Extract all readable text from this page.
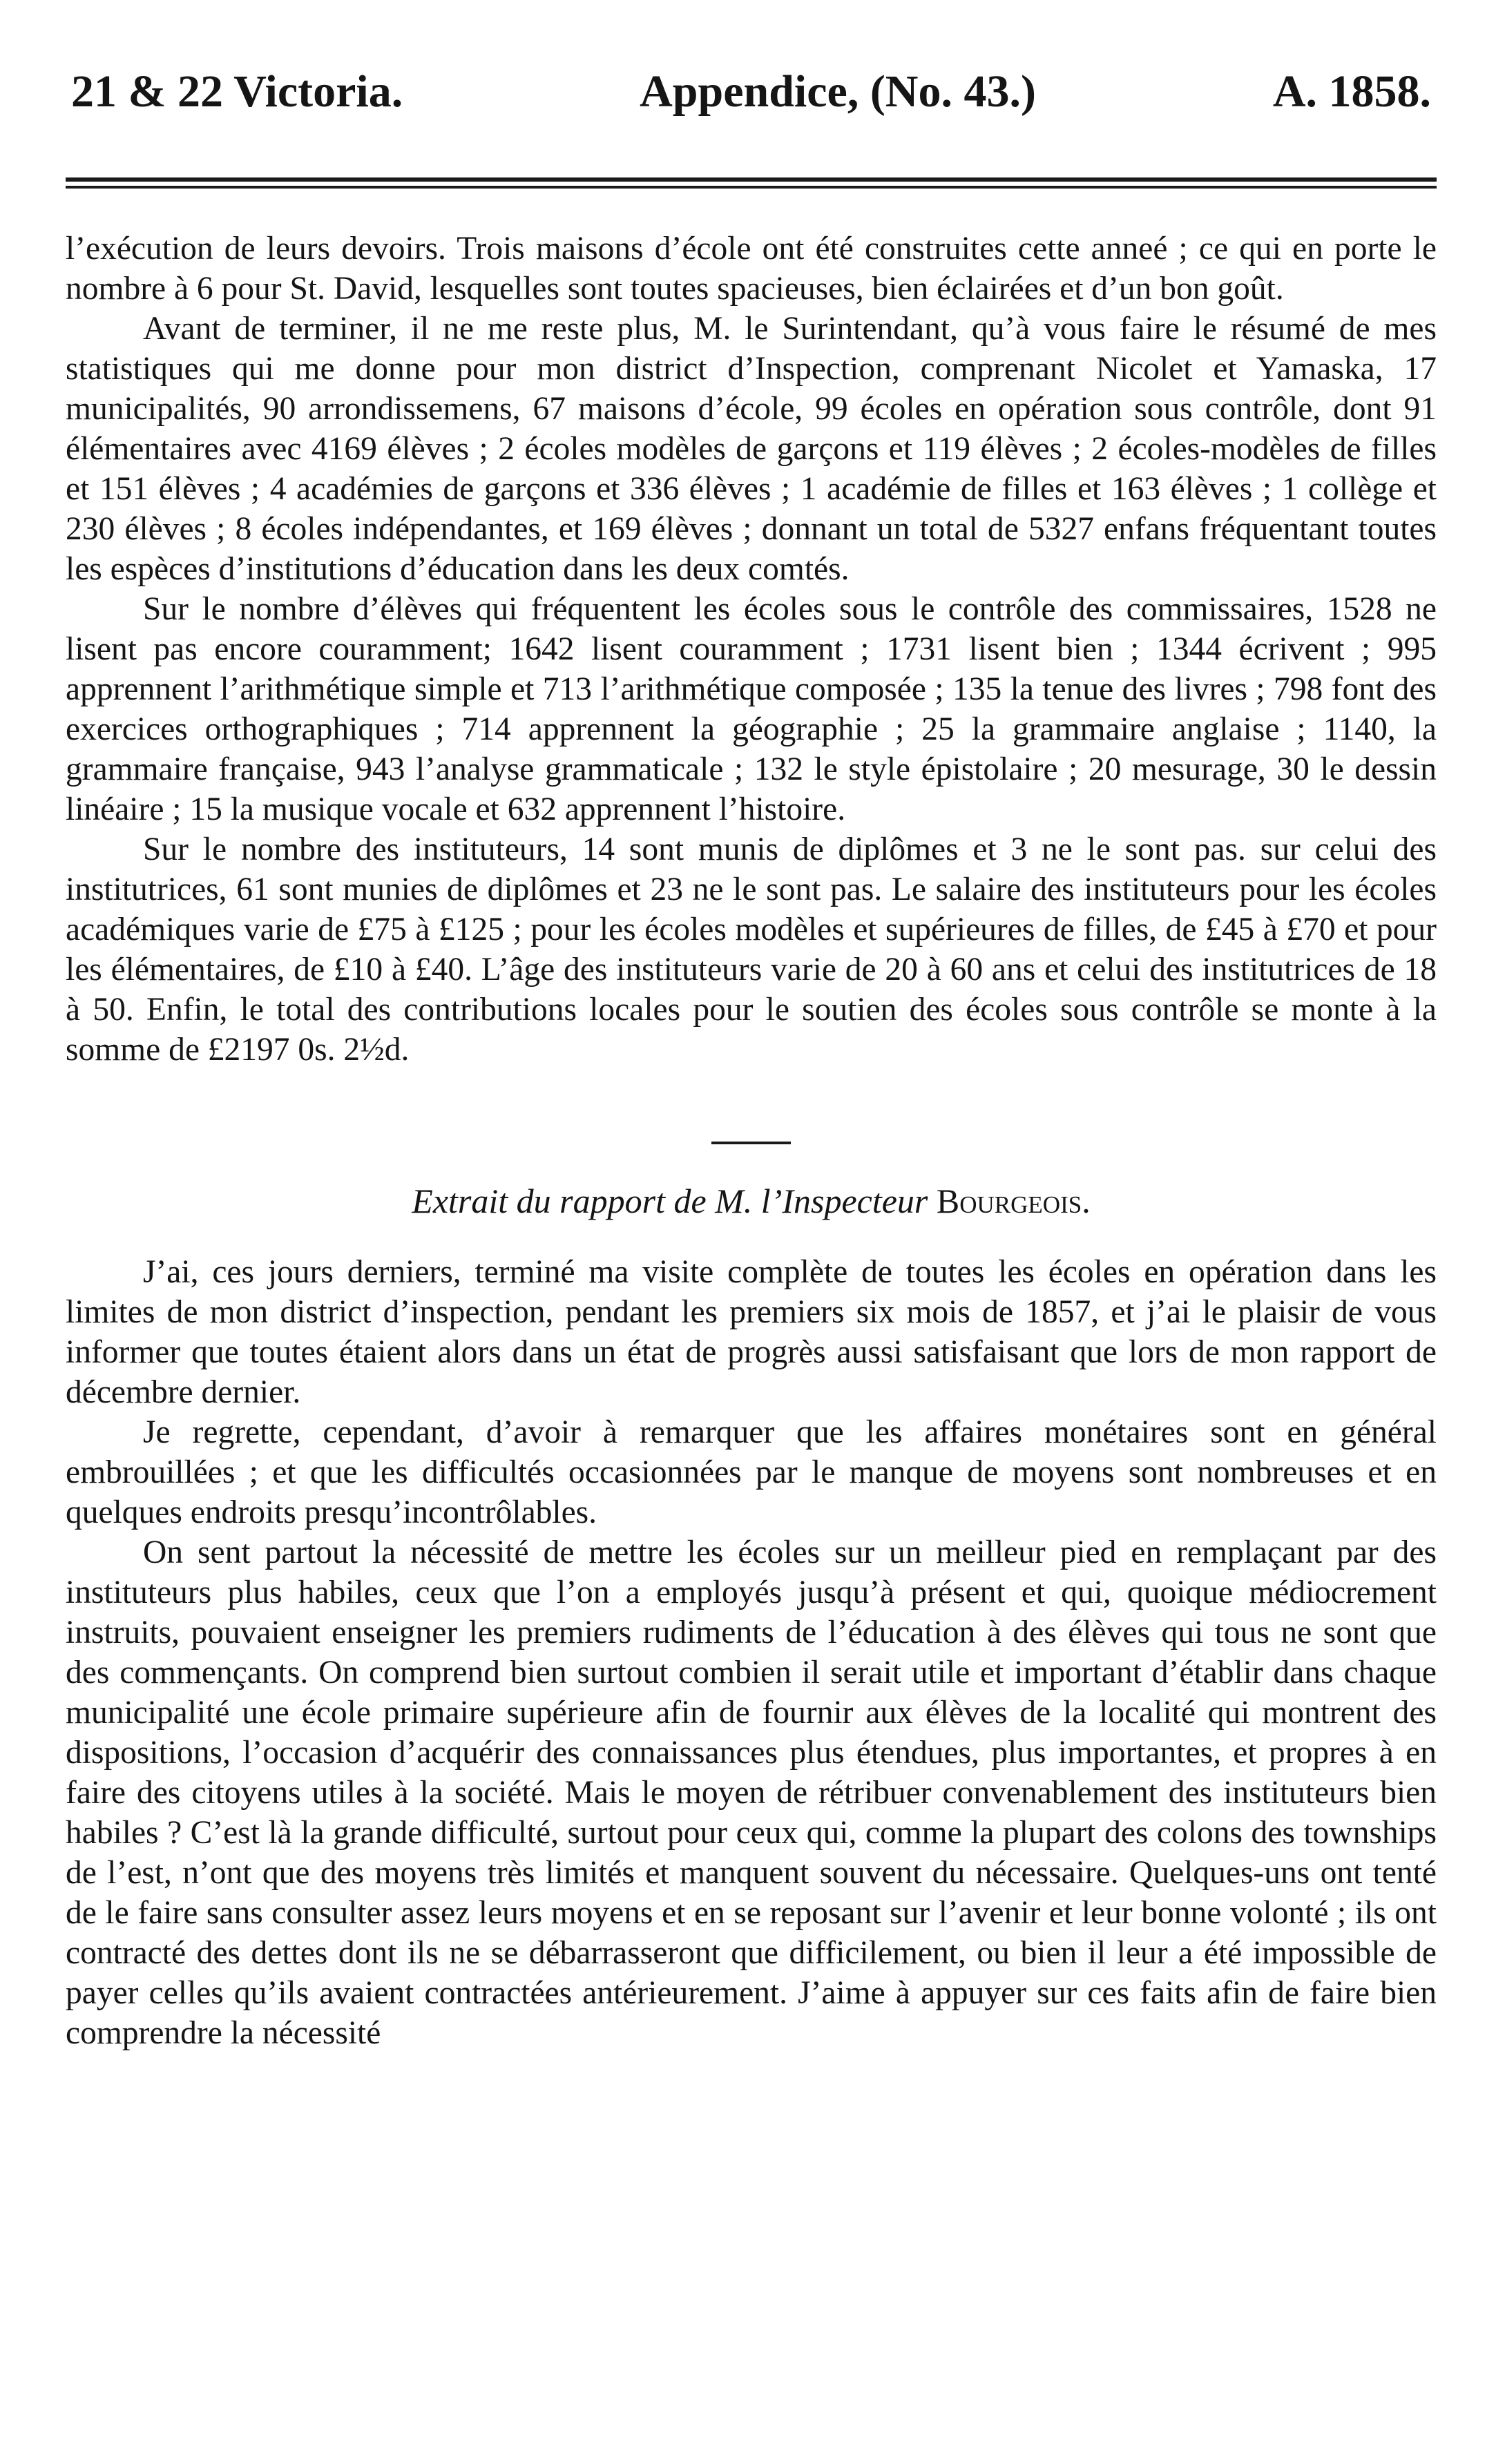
21 & 22 Victoria.	Appendice, (No. 43.)	A. 1858.

l’exécution de leurs devoirs. Trois maisons d’école ont été construites cette anneé ; ce qui en porte le nombre à 6 pour St. David, lesquelles sont toutes spacieuses, bien éclairées et d’un bon goût.

Avant de terminer, il ne me reste plus, M. le Surintendant, qu’à vous faire le résumé de mes statistiques qui me donne pour mon district d’Inspection, comprenant Nicolet et Yamaska, 17 municipalités, 90 arrondissemens, 67 maisons d’école, 99 écoles en opération sous contrôle, dont 91 élémentaires avec 4169 élèves ; 2 écoles modèles de garçons et 119 élèves ; 2 écoles-modèles de filles et 151 élèves ; 4 académies de garçons et 336 élèves ; 1 académie de filles et 163 élèves ; 1 collège et 230 élèves ; 8 écoles indépendantes, et 169 élèves ; donnant un total de 5327 enfans fréquentant toutes les espèces d’institutions d’éducation dans les deux comtés.

Sur le nombre d’élèves qui fréquentent les écoles sous le contrôle des commissaires, 1528 ne lisent pas encore couramment; 1642 lisent couramment ; 1731 lisent bien ; 1344 écrivent ; 995 apprennent l’arithmétique simple et 713 l’arithmétique composée ; 135 la tenue des livres ; 798 font des exercices orthographiques ; 714 apprennent la géographie ; 25 la grammaire anglaise ; 1140, la grammaire française, 943 l’analyse grammaticale ; 132 le style épistolaire ; 20 mesurage, 30 le dessin linéaire ; 15 la musique vocale et 632 apprennent l’histoire.

Sur le nombre des instituteurs, 14 sont munis de diplômes et 3 ne le sont pas. sur celui des institutrices, 61 sont munies de diplômes et 23 ne le sont pas. Le salaire des instituteurs pour les écoles académiques varie de £75 à £125 ; pour les écoles modèles et supérieures de filles, de £45 à £70 et pour les élémentaires, de £10 à £40. L’âge des instituteurs varie de 20 à 60 ans et celui des institutrices de 18 à 50. Enfin, le total des contributions locales pour le soutien des écoles sous contrôle se monte à la somme de £2197 0s. 2½d.

Extrait du rapport de M. l’Inspecteur Bourgeois.

J’ai, ces jours derniers, terminé ma visite complète de toutes les écoles en opération dans les limites de mon district d’inspection, pendant les premiers six mois de 1857, et j’ai le plaisir de vous informer que toutes étaient alors dans un état de progrès aussi satisfaisant que lors de mon rapport de décembre dernier.

Je regrette, cependant, d’avoir à remarquer que les affaires monétaires sont en général embrouillées ; et que les difficultés occasionnées par le manque de moyens sont nombreuses et en quelques endroits presqu’incontrôlables.

On sent partout la nécessité de mettre les écoles sur un meilleur pied en remplaçant par des instituteurs plus habiles, ceux que l’on a employés jusqu’à présent et qui, quoique médiocrement instruits, pouvaient enseigner les premiers rudiments de l’éducation à des élèves qui tous ne sont que des commençants. On comprend bien surtout combien il serait utile et important d’établir dans chaque municipalité une école primaire supérieure afin de fournir aux élèves de la localité qui montrent des dispositions, l’occasion d’acquérir des connaissances plus étendues, plus importantes, et propres à en faire des citoyens utiles à la société. Mais le moyen de rétribuer convenablement des instituteurs bien habiles ? C’est là la grande difficulté, surtout pour ceux qui, comme la plupart des colons des townships de l’est, n’ont que des moyens très limités et manquent souvent du nécessaire. Quelques-uns ont tenté de le faire sans consulter assez leurs moyens et en se reposant sur l’avenir et leur bonne volonté ; ils ont contracté des dettes dont ils ne se débarrasseront que difficilement, ou bien il leur a été impossible de payer celles qu’ils avaient contractées antérieurement. J’aime à appuyer sur ces faits afin de faire bien comprendre la nécessité
